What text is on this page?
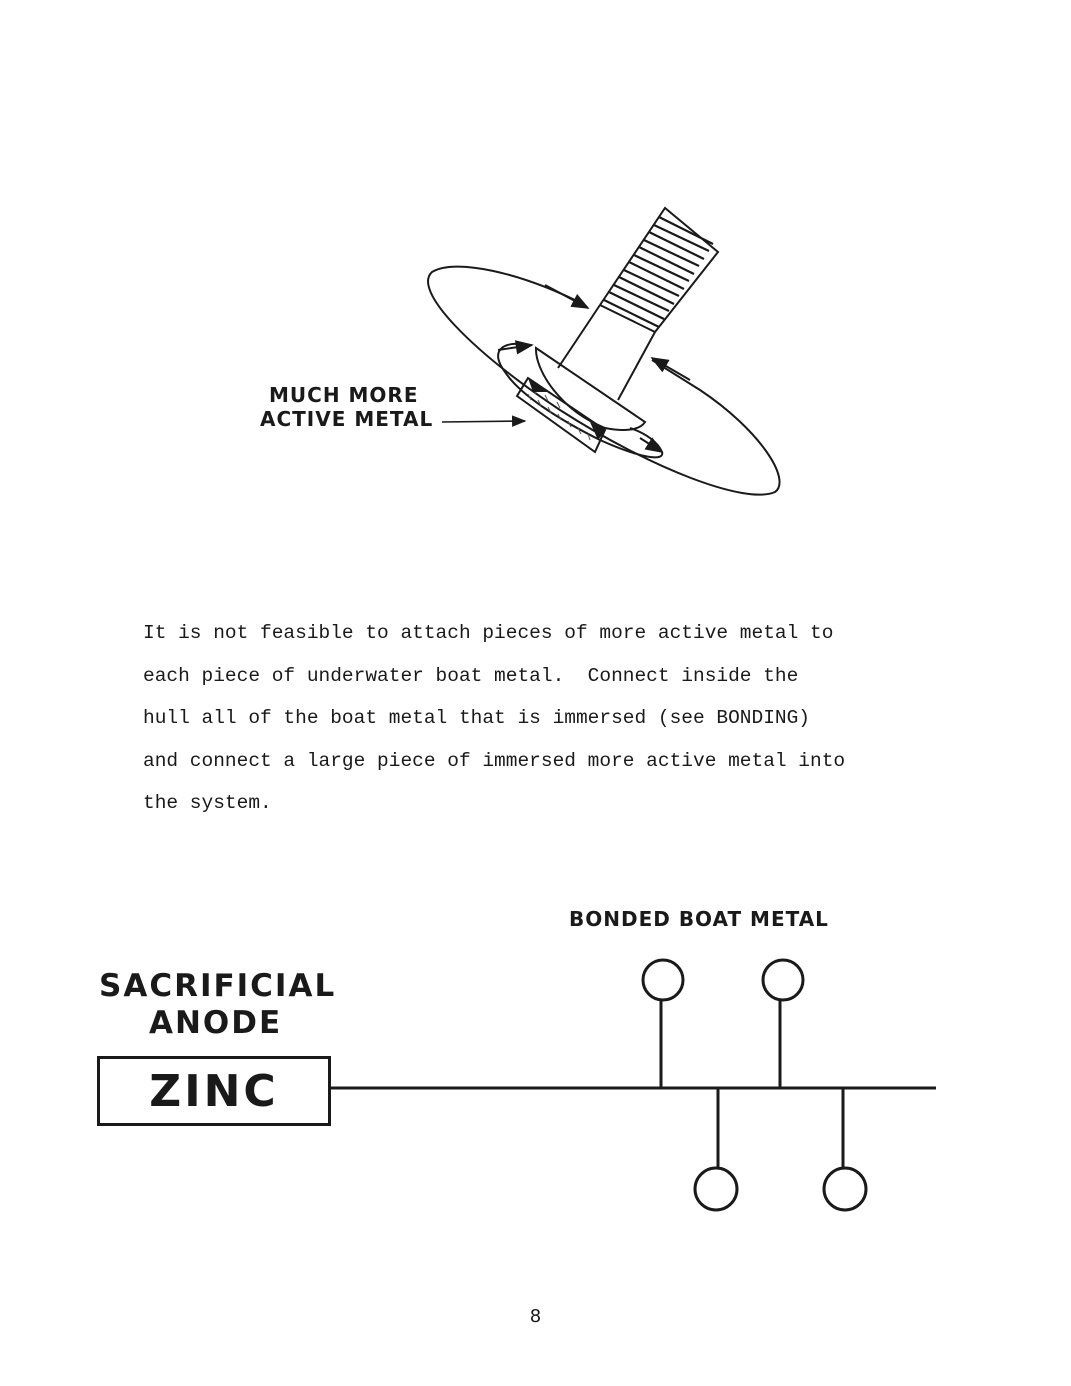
MUCH MORE
ACTIVE METAL
It is not feasible to attach pieces of more active metal to
each piece of underwater boat metal.  Connect inside the
hull all of the boat metal that is immersed (see BONDING)
and connect a large piece of immersed more active metal into
the system.
BONDED BOAT METAL
SACRIFICIAL
ANODE
ZINC
8
